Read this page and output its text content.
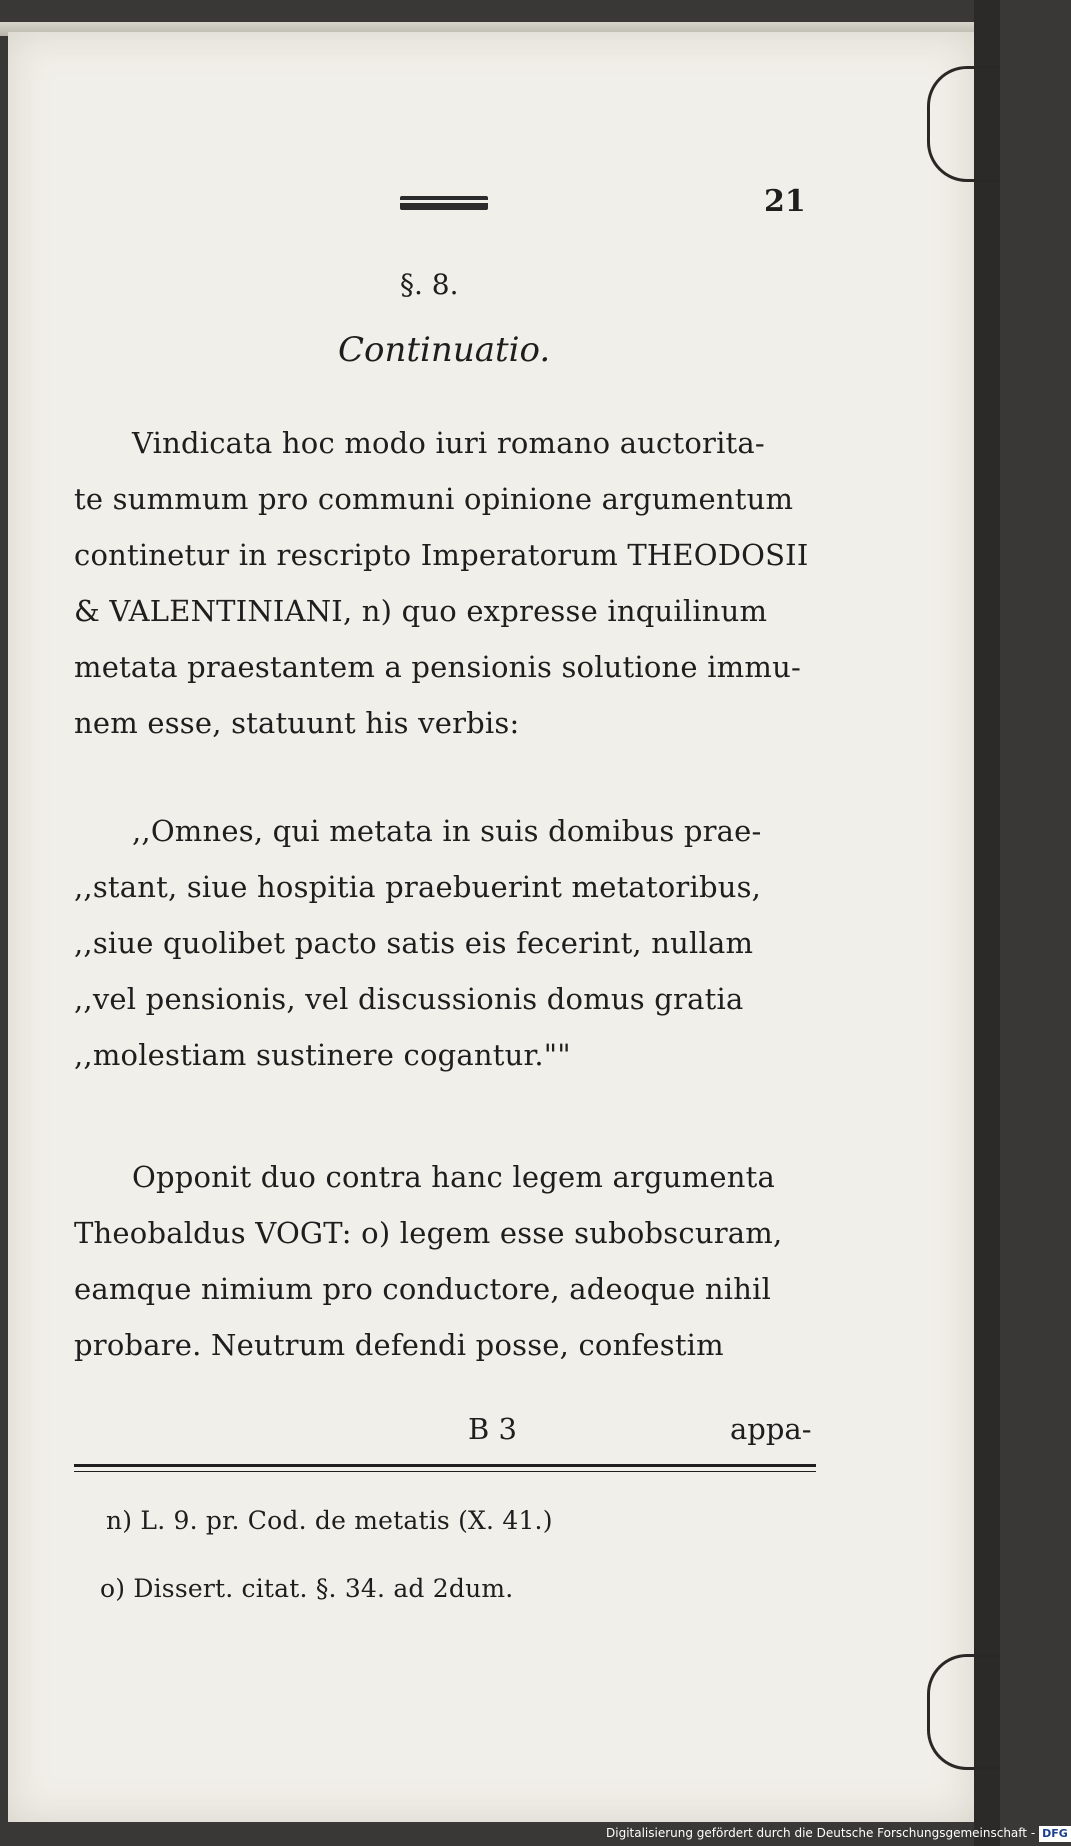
21
§. 8.
Continuatio.
Vindicata hoc modo iuri romano auctorita-
te summum pro communi opinione argumentum
continetur in rescripto Imperatorum THEODOSII
& VALENTINIANI, n) quo expresse inquilinum
metata praestantem a pensionis solutione immu-
nem esse, statuunt his verbis:
,,Omnes, qui metata in suis domibus prae-
,,stant, siue hospitia praebuerint metatoribus,
,,siue quolibet pacto satis eis fecerint, nullam
,,vel pensionis, vel discussionis domus gratia
,,molestiam sustinere cogantur.""
Opponit duo contra hanc legem argumenta
Theobaldus VOGT: o) legem esse subobscuram,
eamque nimium pro conductore, adeoque nihil
probare. Neutrum defendi posse, confestim
B 3	appa-
n) L. 9. pr. Cod. de metatis (X. 41.)
o) Dissert. citat. §. 34. ad 2dum.
Digitalisierung gefördert durch die Deutsche Forschungsgemeinschaft - DFG
